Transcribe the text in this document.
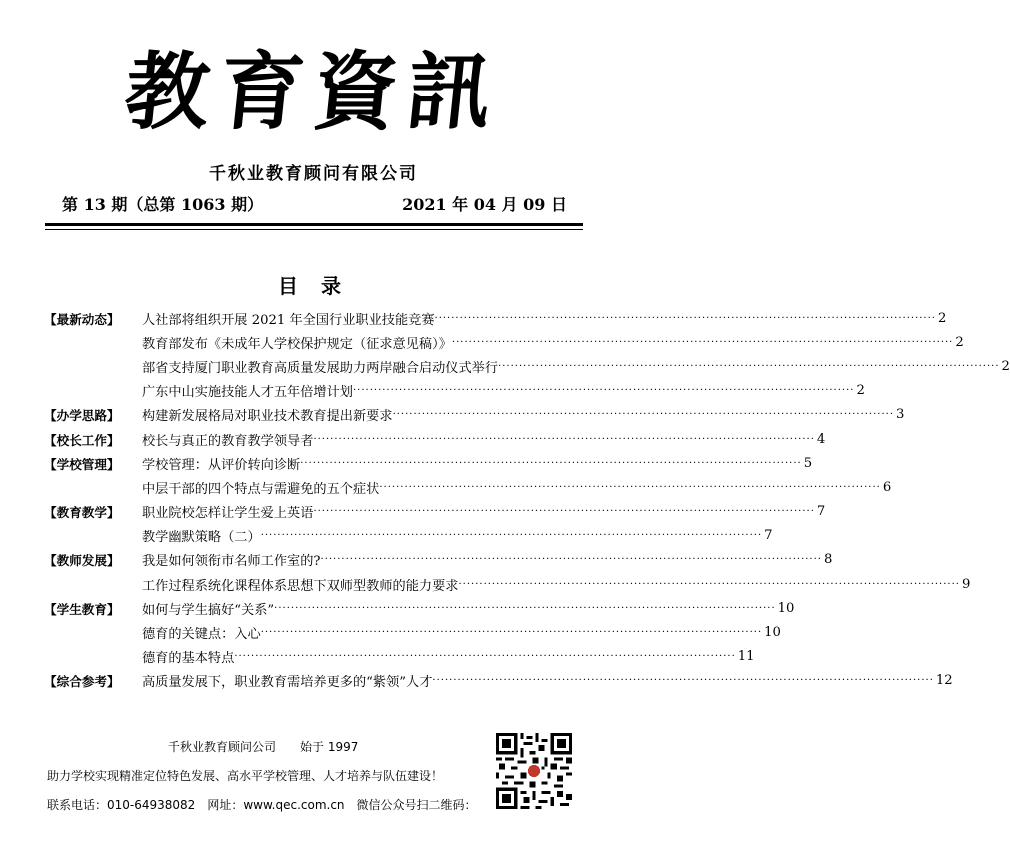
教育資訊
千秋业教育顾问有限公司
第 13 期（总第 1063 期）	2021 年 04 月 09 日
目 录
【最新动态】	人社部将组织开展 2021 年全国行业职业技能竞赛 ························································································································ 2
教育部发布《未成年人学校保护规定（征求意见稿）》 ························································································································ 2
部省支持厦门职业教育高质量发展助力两岸融合启动仪式举行 ························································································································ 2
广东中山实施技能人才五年倍增计划 ························································································································ 2
【办学思路】	构建新发展格局对职业技术教育提出新要求 ························································································································ 3
【校长工作】	校长与真正的教育教学领导者 ························································································································ 4
【学校管理】	学校管理：从评价转向诊断 ························································································································ 5
中层干部的四个特点与需避免的五个症状 ························································································································ 6
【教育教学】	职业院校怎样让学生爱上英语 ························································································································ 7
教学幽默策略（二） ························································································································ 7
【教师发展】	我是如何领衔市名师工作室的? ························································································································ 8
工作过程系统化课程体系思想下双师型教师的能力要求 ························································································································ 9
【学生教育】	如何与学生搞好“关系” ························································································································ 10
德育的关键点：入心 ························································································································ 10
德育的基本特点 ························································································································ 11
【综合参考】	高质量发展下，职业教育需培养更多的“紫领”人才 ························································································································ 12
千秋业教育顾问公司　　始于 1997
助力学校实现精准定位特色发展、高水平学校管理、人才培养与队伍建设！
联系电话：010-64938082　网址：www.qec.com.cn　微信公众号扫二维码：
